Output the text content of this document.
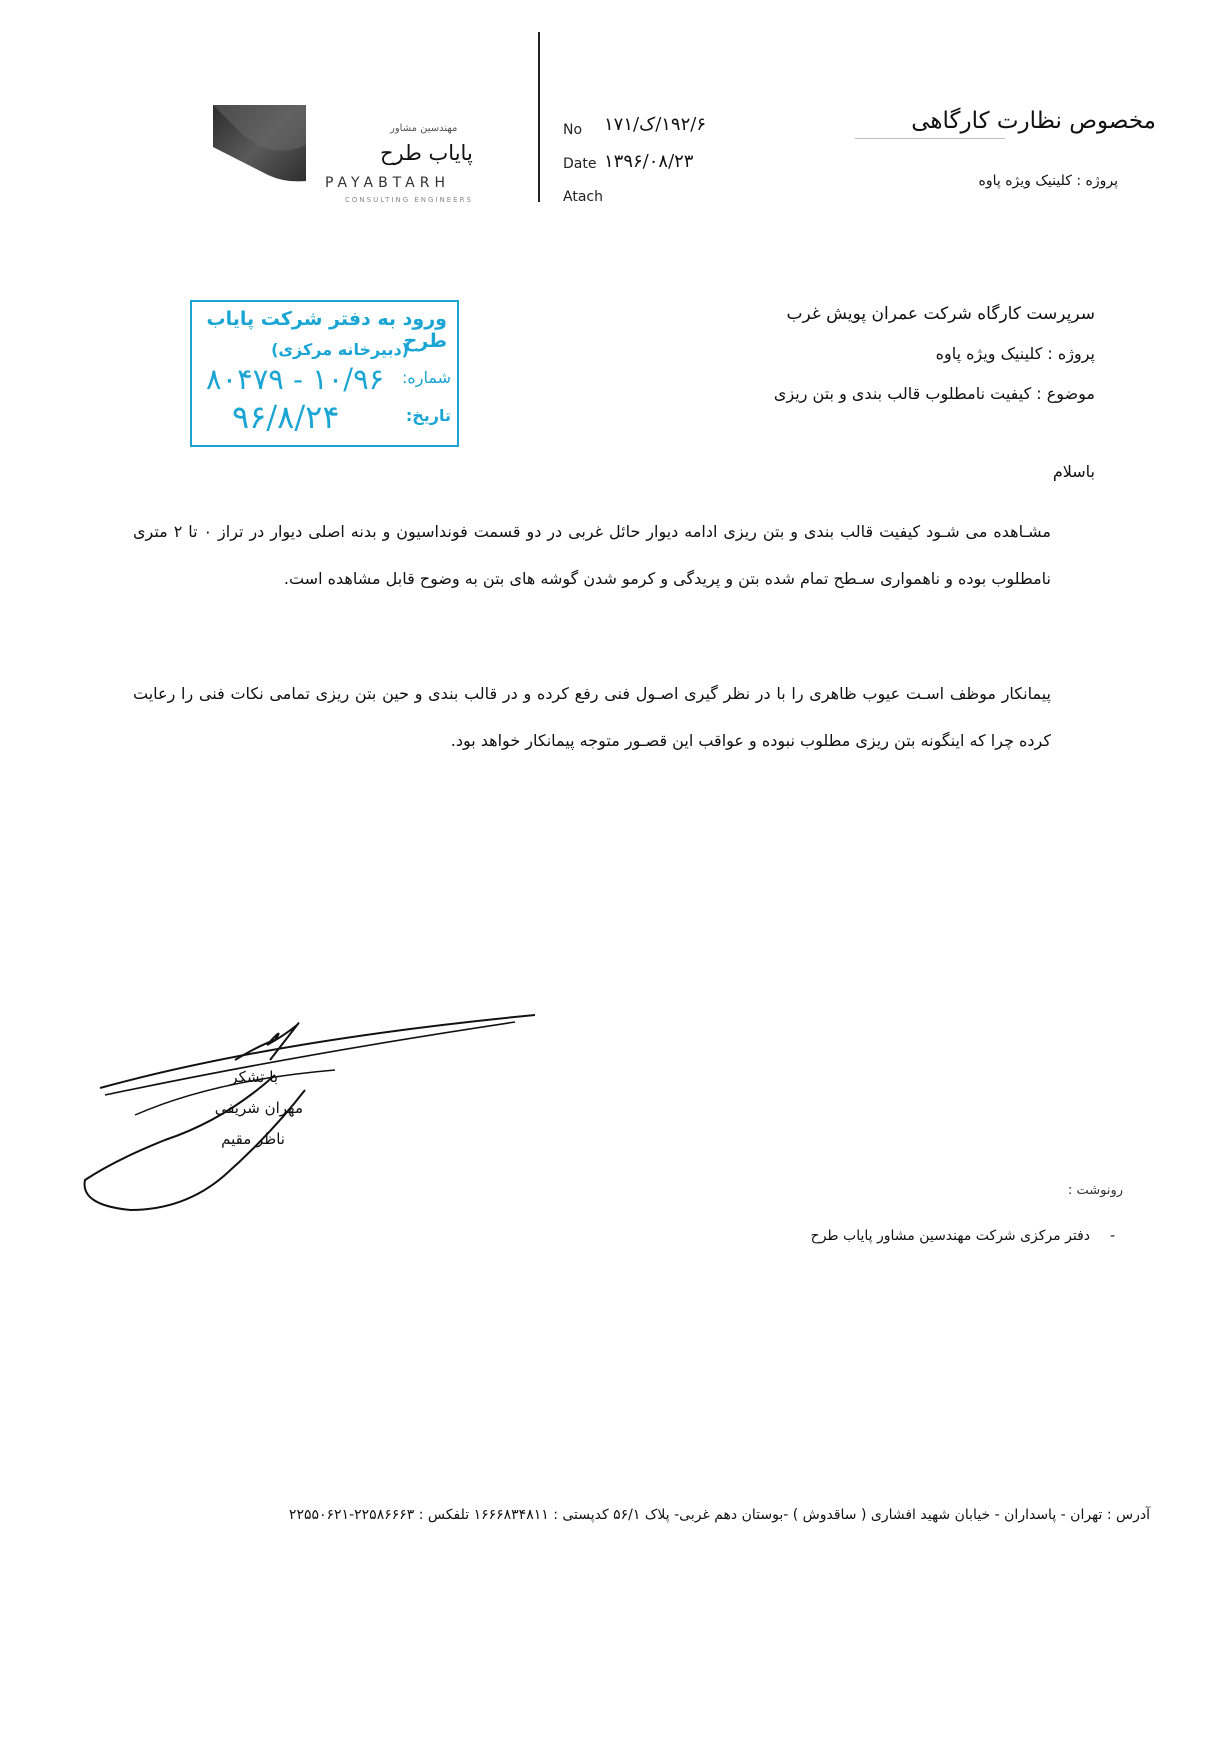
مهندسین مشاور
پایاب طرح
PAYABTARH
CONSULTING ENGINEERS
No ۱۹۲/۶/ک/۱۷۱
Date ۱۳۹۶/۰۸/۲۳
Atach
مخصوص نظارت کارگاهی
پروژه : کلینیک ویژه پاوه
ورود به دفتر شرکت پایاب طرح
(دبیرخانه مرکزی)
شماره:
۱۰/۹۶ - ۸۰۴۷۹
تاریخ:
۹۶/۸/۲۴
سرپرست کارگاه شرکت عمران پویش غرب
پروژه : کلینیک ویژه پاوه
موضوع : کیفیت نامطلوب قالب بندی و بتن ریزی
باسلام
مشـاهده می شـود کیفیت قالب بندی و بتن ریزی ادامه دیوار حائل غربی در دو قسمت فونداسیون و بدنه اصلی دیوار در تراز ۰ تا ۲ متری نامطلوب بوده و ناهمواری سـطح تمام شده بتن و پریدگی و کرمو شدن گوشه های بتن به وضوح قابل مشاهده است.
پیمانکار موظف اسـت عیوب ظاهری را با در نظر گیری اصـول فنی رفع کرده و در قالب بندی و حین بتن ریزی تمامی نکات فنی را رعایت کرده چرا که اینگونه بتن ریزی مطلوب نبوده و عواقب این قصـور متوجه پیمانکار خواهد بود.
با تشکر
مهران شریفی
ناظر مقیم
رونوشت :
-
دفتر مرکزی شرکت مهندسین مشاور پایاب طرح
آدرس : تهران - پاسداران - خیابان شهید افشاری ( ساقدوش ) -بوستان دهم غربی- پلاک ۵۶/۱ کدپستی : ۱۶۶۶۸۳۴۸۱۱ تلفکس : ۲۲۵۸۶۶۶۳-۲۲۵۵۰۶۲۱
